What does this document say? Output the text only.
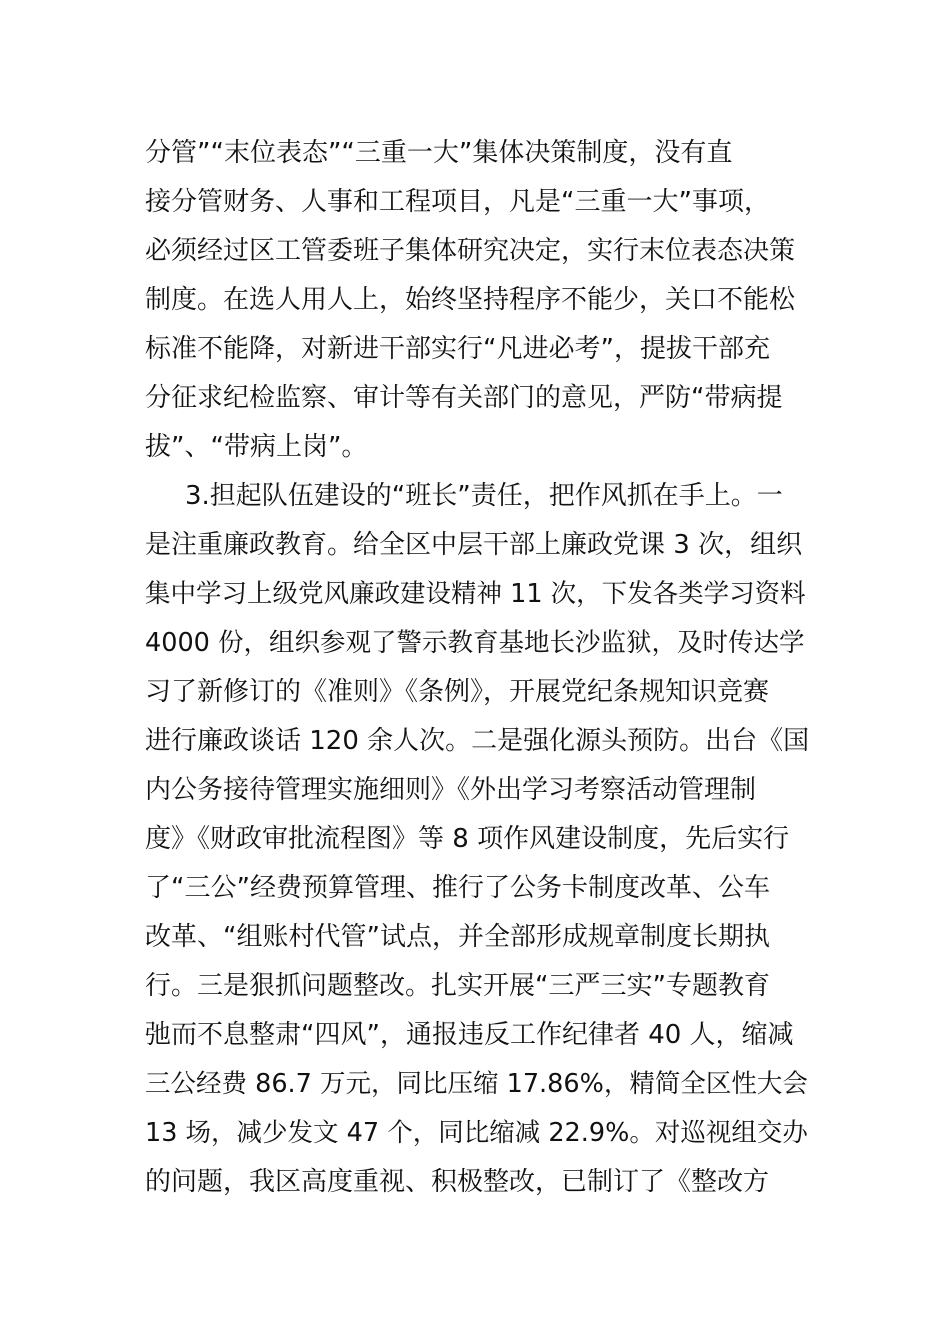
分管”“末位表态”“三重一大”集体决策制度，没有直
接分管财务、人事和工程项目，凡是“三重一大”事项，
必须经过区工管委班子集体研究决定，实行末位表态决策
制度。在选人用人上，始终坚持程序不能少，关口不能松
标准不能降，对新进干部实行“凡进必考”，提拔干部充
分征求纪检监察、审计等有关部门的意见，严防“带病提
拔”、“带病上岗”。
3.担起队伍建设的“班长”责任，把作风抓在手上。一
是注重廉政教育。给全区中层干部上廉政党课 3 次，组织
集中学习上级党风廉政建设精神 11 次，下发各类学习资料
4000 份，组织参观了警示教育基地长沙监狱，及时传达学
习了新修订的《准则》《条例》，开展党纪条规知识竞赛
进行廉政谈话 120 余人次。二是强化源头预防。出台《国
内公务接待管理实施细则》《外出学习考察活动管理制
度》《财政审批流程图》等 8 项作风建设制度，先后实行
了“三公”经费预算管理、推行了公务卡制度改革、公车
改革、“组账村代管”试点，并全部形成规章制度长期执
行。三是狠抓问题整改。扎实开展“三严三实”专题教育
弛而不息整肃“四风”，通报违反工作纪律者 40 人，缩减
三公经费 86.7 万元，同比压缩 17.86%，精简全区性大会
13 场，减少发文 47 个，同比缩减 22.9%。对巡视组交办
的问题，我区高度重视、积极整改，已制订了《整改方
